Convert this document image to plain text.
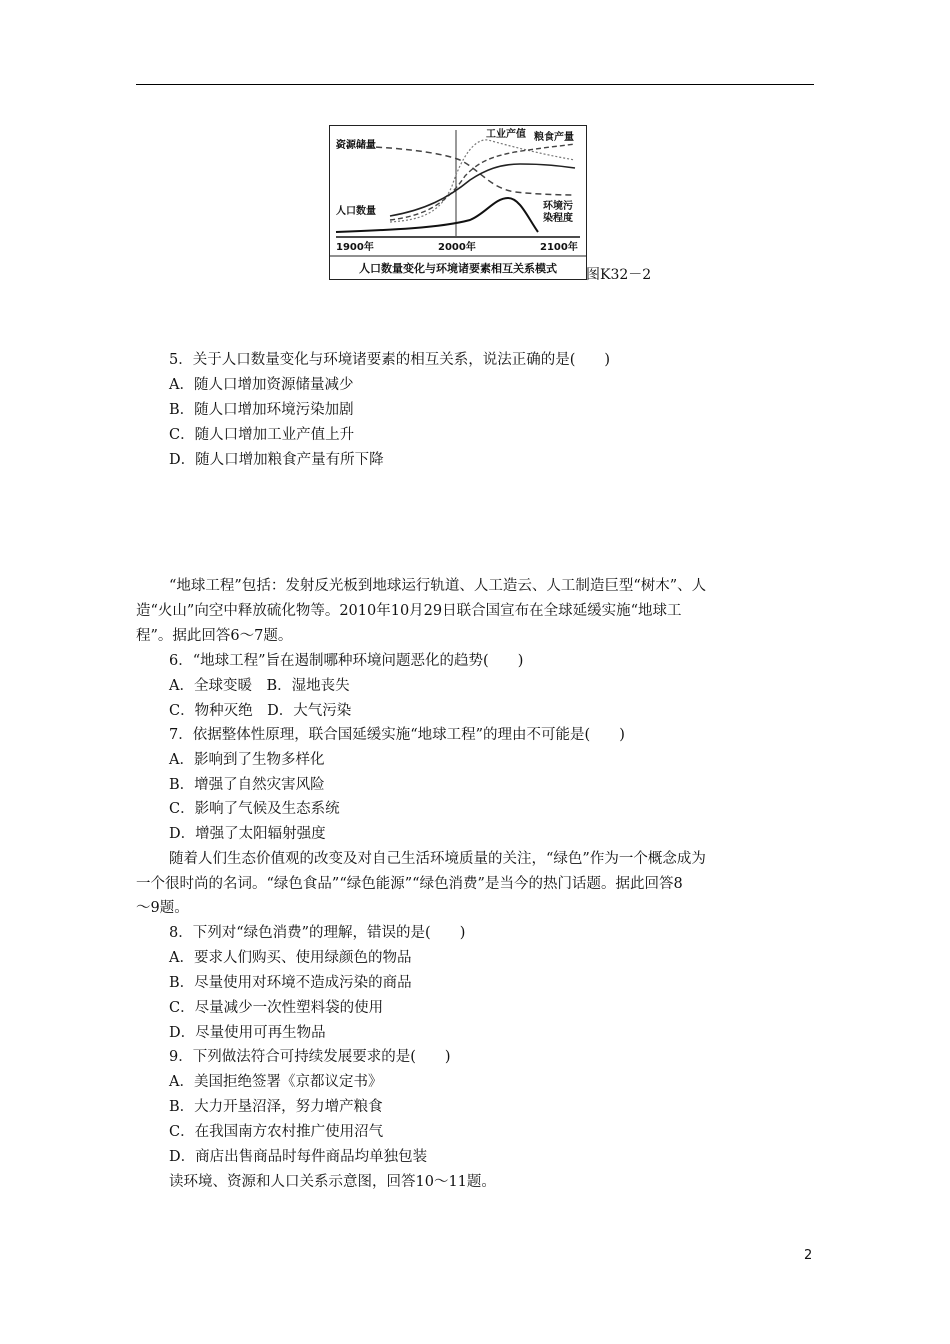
资源储量
工业产值 粮食产量
人口数量	环境污
染程度
1900年	2000年	2100年
人口数量变化与环境诸要素相互关系模式 图K32－2
5．关于人口数量变化与环境诸要素的相互关系，说法正确的是(　　)
A．随人口增加资源储量减少
B．随人口增加环境污染加剧
C．随人口增加工业产值上升
D．随人口增加粮食产量有所下降
“地球工程”包括：发射反光板到地球运行轨道、人工造云、人工制造巨型“树木”、人
造“火山”向空中释放硫化物等。2010年10月29日联合国宣布在全球延缓实施“地球工
程”。据此回答6～7题。
6．“地球工程”旨在遏制哪种环境问题恶化的趋势(　　)
A．全球变暖　B．湿地丧失
C．物种灭绝　D．大气污染
7．依据整体性原理，联合国延缓实施“地球工程”的理由不可能是(　　)
A．影响到了生物多样化
B．增强了自然灾害风险
C．影响了气候及生态系统
D．增强了太阳辐射强度
随着人们生态价值观的改变及对自己生活环境质量的关注，“绿色”作为一个概念成为
一个很时尚的名词。“绿色食品”“绿色能源”“绿色消费”是当今的热门话题。据此回答8
～9题。
8．下列对“绿色消费”的理解，错误的是(　　)
A．要求人们购买、使用绿颜色的物品
B．尽量使用对环境不造成污染的商品
C．尽量减少一次性塑料袋的使用
D．尽量使用可再生物品
9．下列做法符合可持续发展要求的是(　　)
A．美国拒绝签署《京都议定书》
B．大力开垦沼泽，努力增产粮食
C．在我国南方农村推广使用沼气
D．商店出售商品时每件商品均单独包装
读环境、资源和人口关系示意图，回答10～11题。
2
